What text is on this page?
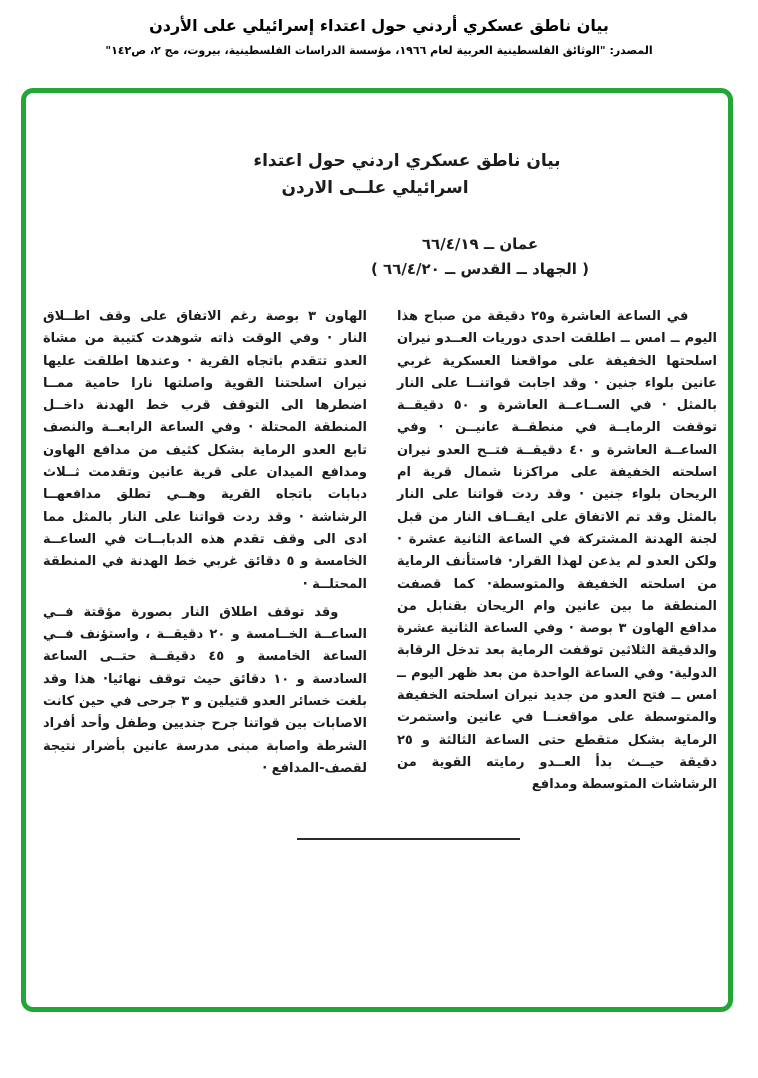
بيان ناطق عسكري أردني حول اعتداء إسرائيلي على الأردن
المصدر: "الوثائق الفلسطينية العربية لعام ١٩٦٦، مؤسسة الدراسات الفلسطينية، بيروت، مج ٢، ص١٤٢"
بيان ناطق عسكري اردني حول اعتداء
اسرائيلي علــى الاردن
عمان ــ ٦٦/٤/١٩
( الجهاد ــ القدس ــ ٦٦/٤/٢٠ )

في الساعة العاشرة و٢٥ دقيقة من صباح هذا اليوم ــ امس ــ اطلقت احدى دوريات العــدو نيران اسلحتها الخفيفة على مواقعنا العسكرية غربي عانين بلواء جنين · وقد اجابت قواتنــا على النار بالمثل · في الســاعــة العاشرة و ٥٠ دقيقــة توقفت الرمايــة في منطقــة عانيــن · وفي الساعــة العاشرة و ٤٠ دقيقــة فتــح العدو نيران اسلحته الخفيفة على مراكزنا شمال قرية ام الريحان بلواء جنين · وقد ردت قواتنا على النار بالمثل وقد تم الاتفاق على ايقــاف النار من قبل لجنة الهدنة المشتركة في الساعة الثانية عشرة · ولكن العدو لم يذعن لهذا القرار· فاستأنف الرماية من اسلحته الخفيفة والمتوسطة· كما قصفت المنطقة ما بين عانين وام الريحان بقنابل من مدافع الهاون ٣ بوصة · وفي الساعة الثانية عشرة والدقيقة الثلاثين توقفت الرماية بعد تدخل الرقابة الدولية· وفي الساعة الواحدة من بعد ظهر اليوم ــ امس ــ فتح العدو من جديد نيران اسلحته الخفيفة والمتوسطة على مواقعنــا في عانين واستمرت الرماية بشكل متقطع حتى الساعة الثالثة و ٢٥ دقيقة حيــث بدأ العــدو رمايته القوية من الرشاشات المتوسطة ومدافع

الهاون ٣ بوصة رغم الاتفاق على وقف اطــلاق النار · وفي الوقت ذاته شوهدت كتيبة من مشاة العدو تتقدم باتجاه القرية · وعندها اطلقت عليها نيران اسلحتنا القوية واصلتها نارا حامية ممــا اضطرها الى التوقف قرب خط الهدنة داخــل المنطقة المحتلة · وفي الساعة الرابعــة والنصف تابع العدو الرماية بشكل كثيف من مدافع الهاون ومدافع الميدان على قرية عانين وتقدمت ثــلاث دبابات باتجاه القرية وهــي تطلق مدافعهــا الرشاشة · وقد ردت قواتنا على النار بالمثل مما ادى الى وقف تقدم هذه الدبابــات في الساعــة الخامسة و ٥ دقائق غربي خط الهدنة في المنطقة المحتلــة ·

وقد توقف اطلاق النار بصورة مؤقتة فــي الساعــة الخــامسة و ٢٠ دقيقــة ، واستؤنف فــي الساعة الخامسة و ٤٥ دقيقــة حتــى الساعة السادسة و ١٠ دقائق حيث توقف نهائيا· هذا وقد بلغت خسائر العدو قتيلين و ٣ جرحى في حين كانت الاصابات بين قواتنا جرح جنديين وطفل وأحد أفراد الشرطة واصابة مبنى مدرسة عانين بأضرار نتيجة لقصف-المدافع ·
